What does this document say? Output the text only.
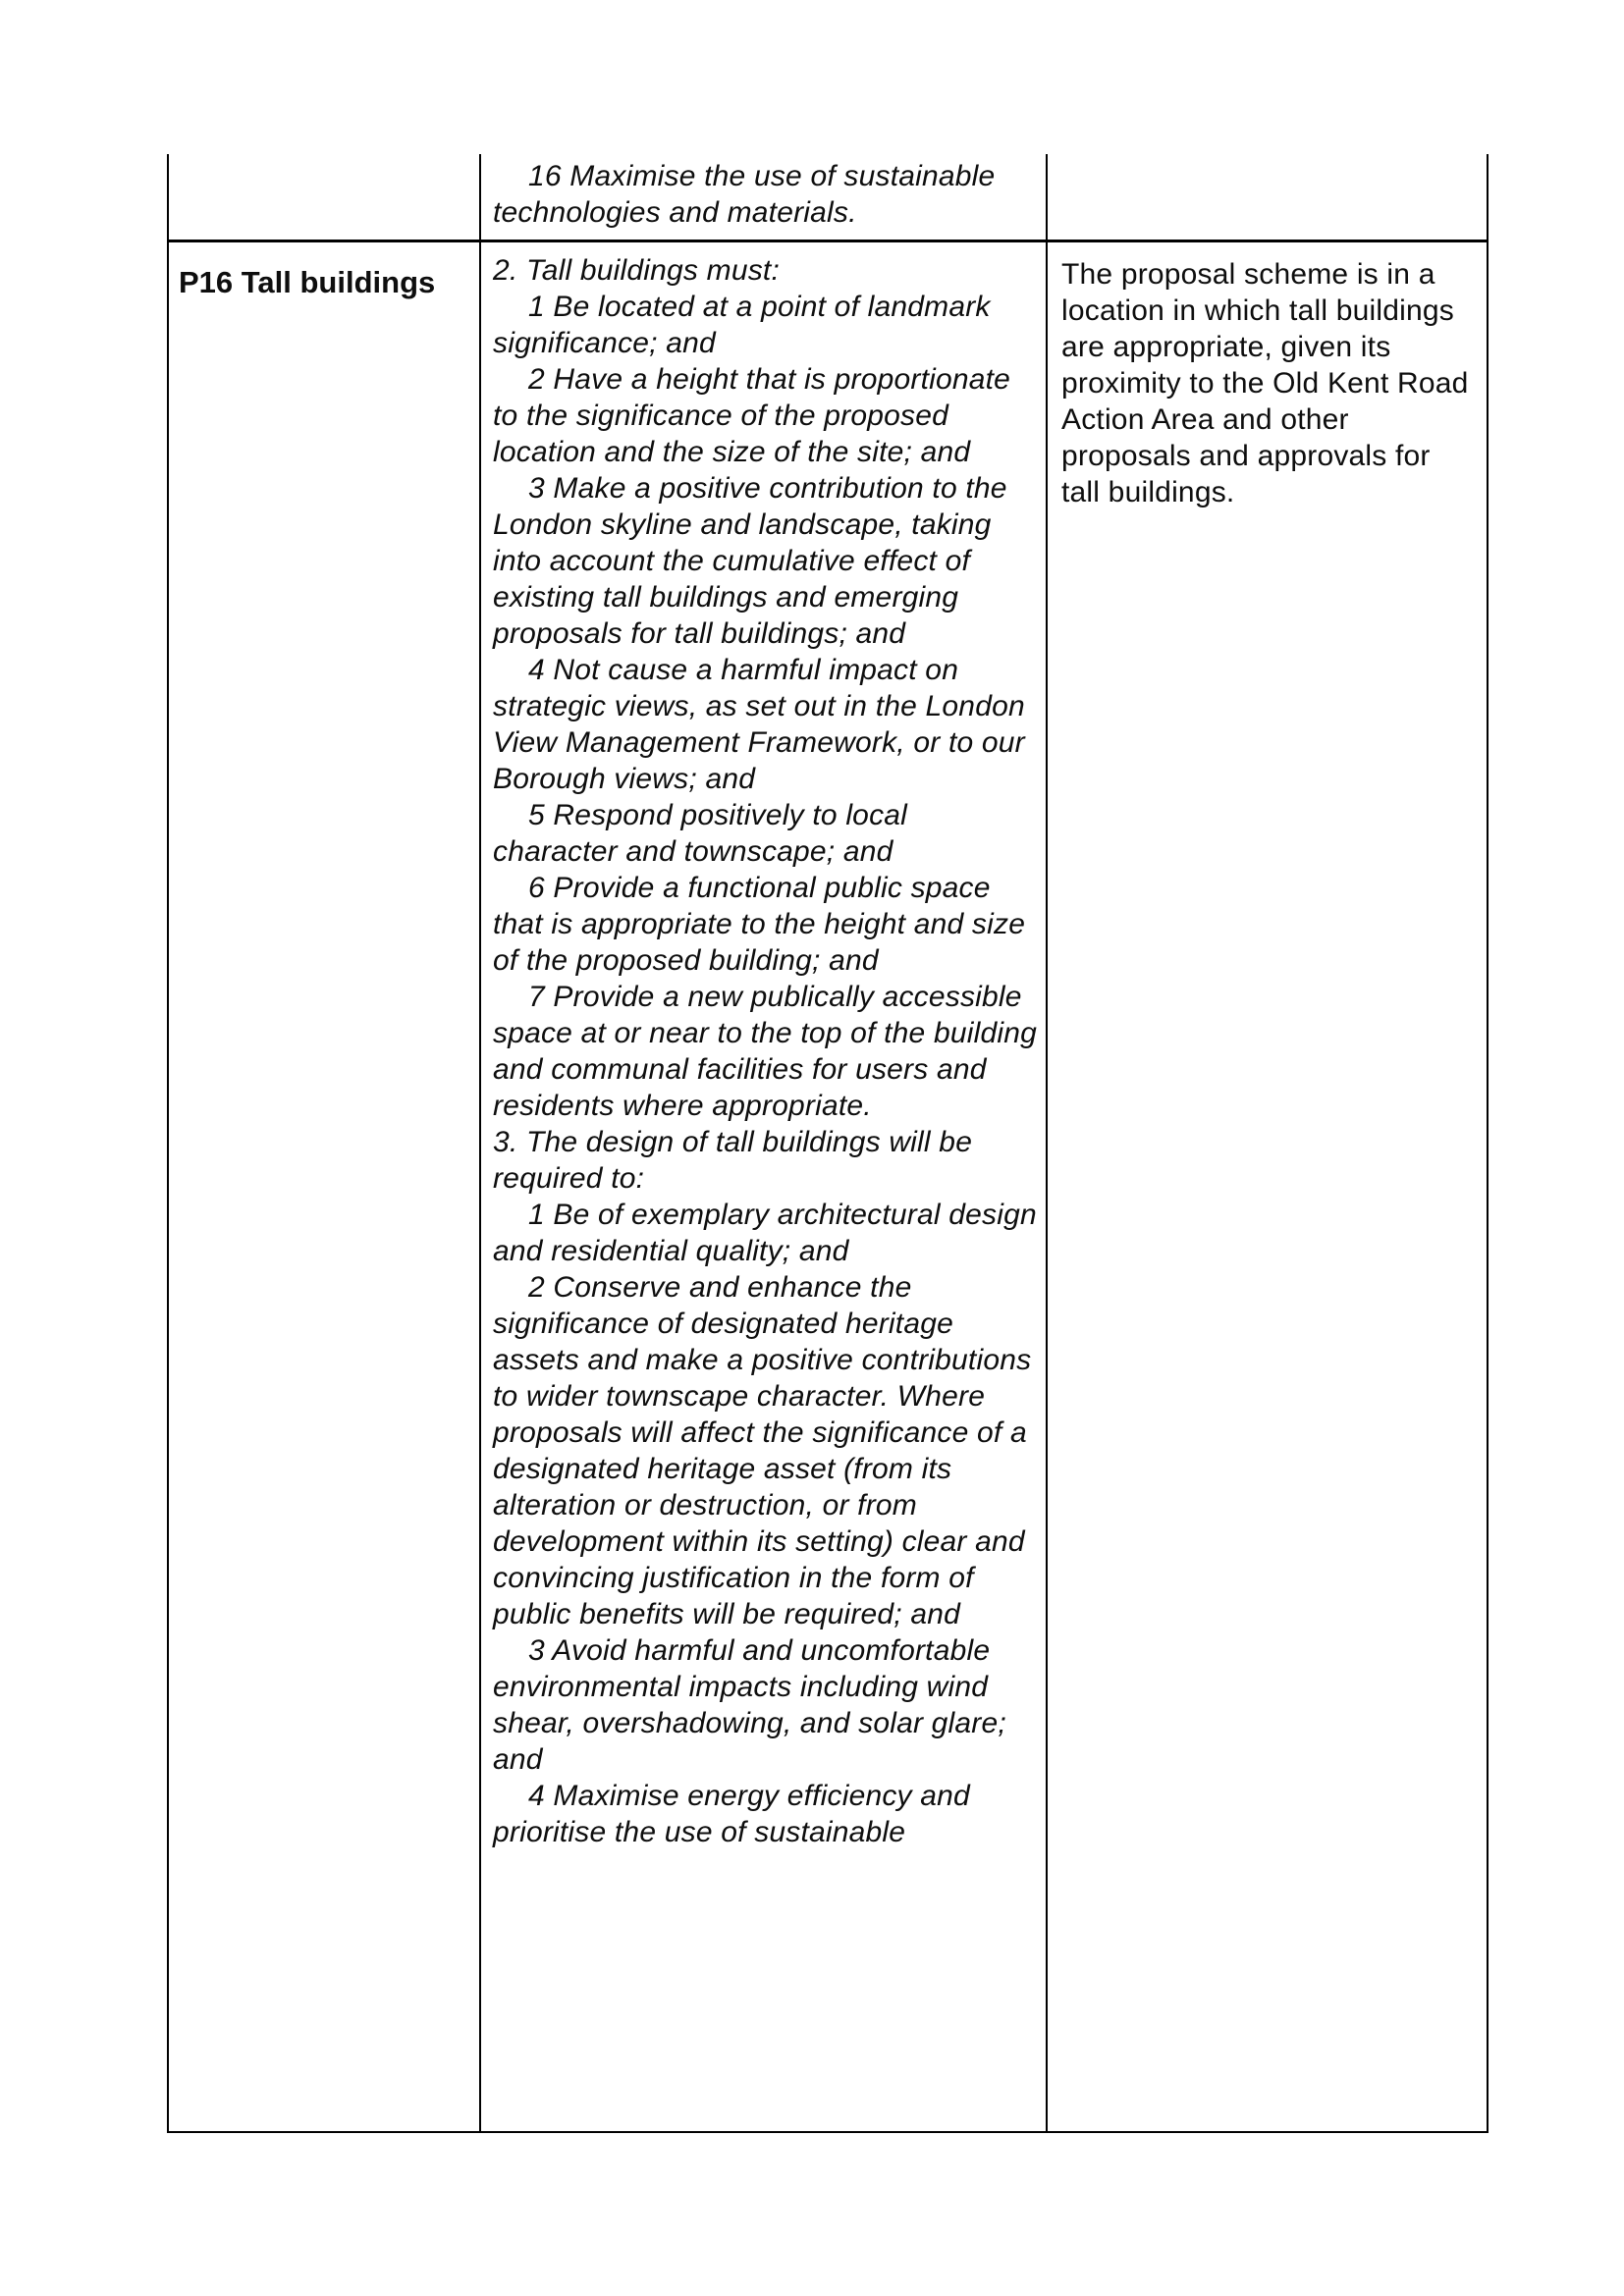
16 Maximise the use of sustainable technologies and materials.

P16 Tall buildings	2. Tall buildings must:

1 Be located at a point of landmark significance; and

2 Have a height that is proportionate to the significance of the proposed location and the size of the site; and

3 Make a positive contribution to the London skyline and landscape, taking into account the cumulative effect of existing tall buildings and emerging proposals for tall buildings; and

4 Not cause a harmful impact on strategic views, as set out in the London View Management Framework, or to our Borough views; and

5 Respond positively to local character and townscape; and

6 Provide a functional public space that is appropriate to the height and size of the proposed building; and

7 Provide a new publically accessible space at or near to the top of the building and communal facilities for users and residents where appropriate.

3. The design of tall buildings will be required to:

1 Be of exemplary architectural design and residential quality; and

2 Conserve and enhance the significance of designated heritage assets and make a positive contributions to wider townscape character. Where proposals will affect the significance of a designated heritage asset (from its alteration or destruction, or from development within its setting) clear and convincing justification in the form of public benefits will be required; and

3 Avoid harmful and uncomfortable environmental impacts including wind shear, overshadowing, and solar glare; and

4 Maximise energy efficiency and prioritise the use of sustainable

The proposal scheme is in a location in which tall buildings are appropriate, given its proximity to the Old Kent Road Action Area and other proposals and approvals for tall buildings.
